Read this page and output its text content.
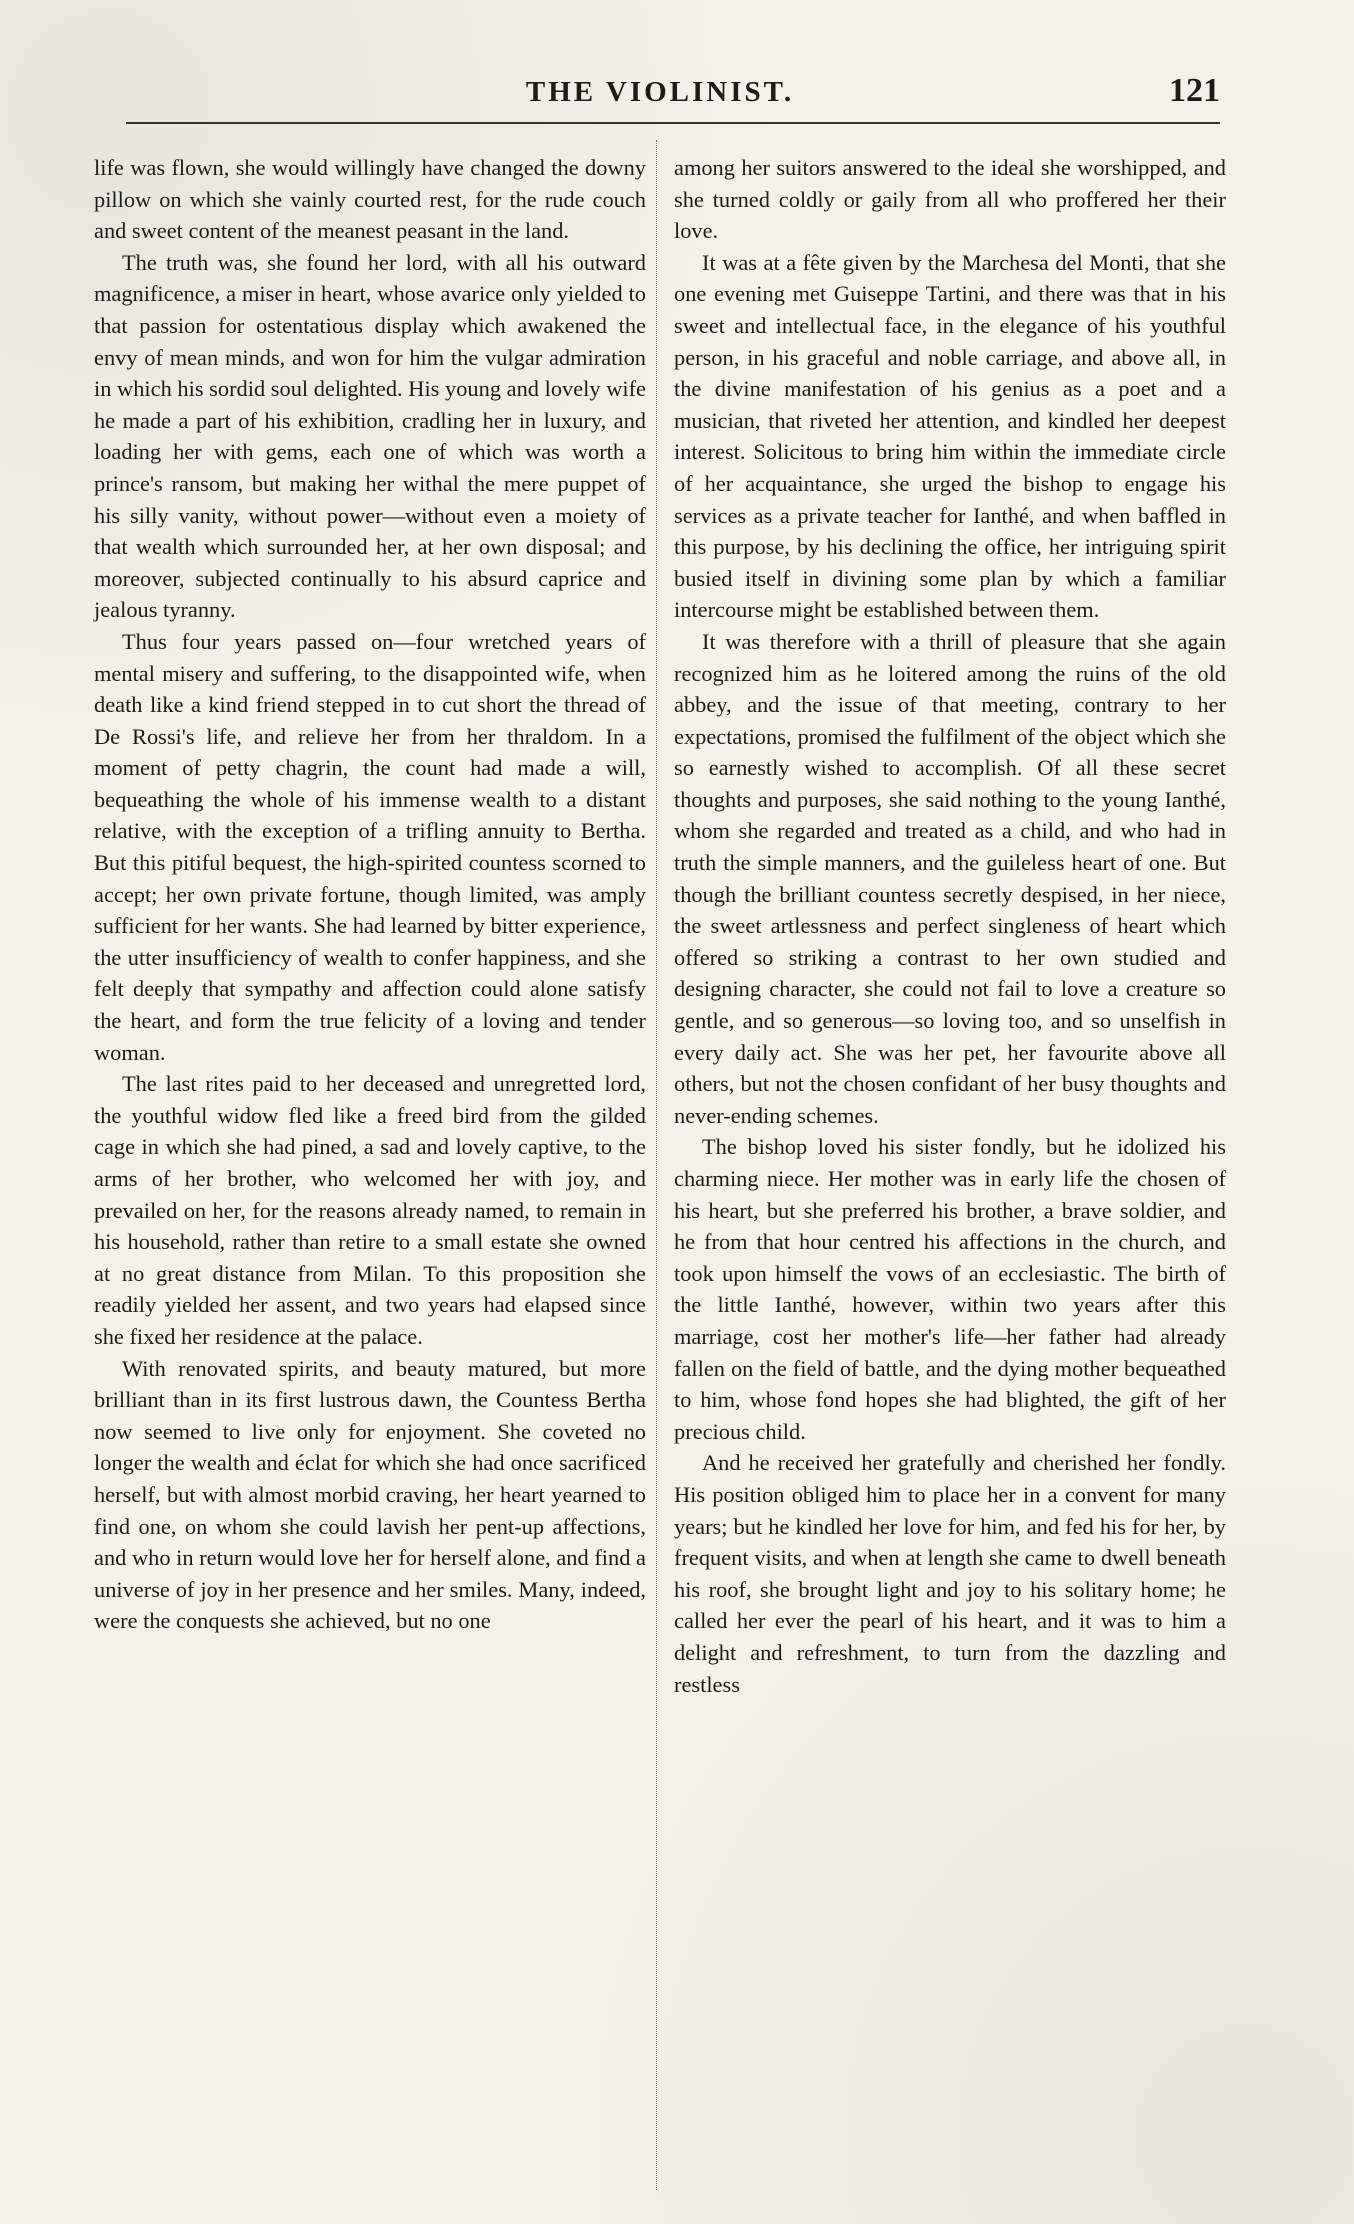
THE VIOLINIST.	121

life was flown, she would willingly have changed the downy pillow on which she vainly courted rest, for the rude couch and sweet content of the meanest peasant in the land.

The truth was, she found her lord, with all his outward magnificence, a miser in heart, whose avarice only yielded to that passion for ostentatious display which awakened the envy of mean minds, and won for him the vulgar admiration in which his sordid soul delighted. His young and lovely wife he made a part of his exhibition, cradling her in luxury, and loading her with gems, each one of which was worth a prince's ransom, but making her withal the mere puppet of his silly vanity, without power—without even a moiety of that wealth which surrounded her, at her own disposal; and moreover, subjected continually to his absurd caprice and jealous tyranny.

Thus four years passed on—four wretched years of mental misery and suffering, to the disappointed wife, when death like a kind friend stepped in to cut short the thread of De Rossi's life, and relieve her from her thraldom. In a moment of petty chagrin, the count had made a will, bequeathing the whole of his immense wealth to a distant relative, with the exception of a trifling annuity to Bertha. But this pitiful bequest, the high-spirited countess scorned to accept; her own private fortune, though limited, was amply sufficient for her wants. She had learned by bitter experience, the utter insufficiency of wealth to confer happiness, and she felt deeply that sympathy and affection could alone satisfy the heart, and form the true felicity of a loving and tender woman.

The last rites paid to her deceased and unregretted lord, the youthful widow fled like a freed bird from the gilded cage in which she had pined, a sad and lovely captive, to the arms of her brother, who welcomed her with joy, and prevailed on her, for the reasons already named, to remain in his household, rather than retire to a small estate she owned at no great distance from Milan. To this proposition she readily yielded her assent, and two years had elapsed since she fixed her residence at the palace.

With renovated spirits, and beauty matured, but more brilliant than in its first lustrous dawn, the Countess Bertha now seemed to live only for enjoyment. She coveted no longer the wealth and éclat for which she had once sacrificed herself, but with almost morbid craving, her heart yearned to find one, on whom she could lavish her pent-up affections, and who in return would love her for herself alone, and find a universe of joy in her presence and her smiles. Many, indeed, were the conquests she achieved, but no one

among her suitors answered to the ideal she worshipped, and she turned coldly or gaily from all who proffered her their love.

It was at a fête given by the Marchesa del Monti, that she one evening met Guiseppe Tartini, and there was that in his sweet and intellectual face, in the elegance of his youthful person, in his graceful and noble carriage, and above all, in the divine manifestation of his genius as a poet and a musician, that riveted her attention, and kindled her deepest interest. Solicitous to bring him within the immediate circle of her acquaintance, she urged the bishop to engage his services as a private teacher for Ianthé, and when baffled in this purpose, by his declining the office, her intriguing spirit busied itself in divining some plan by which a familiar intercourse might be established between them.

It was therefore with a thrill of pleasure that she again recognized him as he loitered among the ruins of the old abbey, and the issue of that meeting, contrary to her expectations, promised the fulfilment of the object which she so earnestly wished to accomplish. Of all these secret thoughts and purposes, she said nothing to the young Ianthé, whom she regarded and treated as a child, and who had in truth the simple manners, and the guileless heart of one. But though the brilliant countess secretly despised, in her niece, the sweet artlessness and perfect singleness of heart which offered so striking a contrast to her own studied and designing character, she could not fail to love a creature so gentle, and so generous—so loving too, and so unselfish in every daily act. She was her pet, her favourite above all others, but not the chosen confidant of her busy thoughts and never-ending schemes.

The bishop loved his sister fondly, but he idolized his charming niece. Her mother was in early life the chosen of his heart, but she preferred his brother, a brave soldier, and he from that hour centred his affections in the church, and took upon himself the vows of an ecclesiastic. The birth of the little Ianthé, however, within two years after this marriage, cost her mother's life—her father had already fallen on the field of battle, and the dying mother bequeathed to him, whose fond hopes she had blighted, the gift of her precious child.

And he received her gratefully and cherished her fondly. His position obliged him to place her in a convent for many years; but he kindled her love for him, and fed his for her, by frequent visits, and when at length she came to dwell beneath his roof, she brought light and joy to his solitary home; he called her ever the pearl of his heart, and it was to him a delight and refreshment, to turn from the dazzling and restless
